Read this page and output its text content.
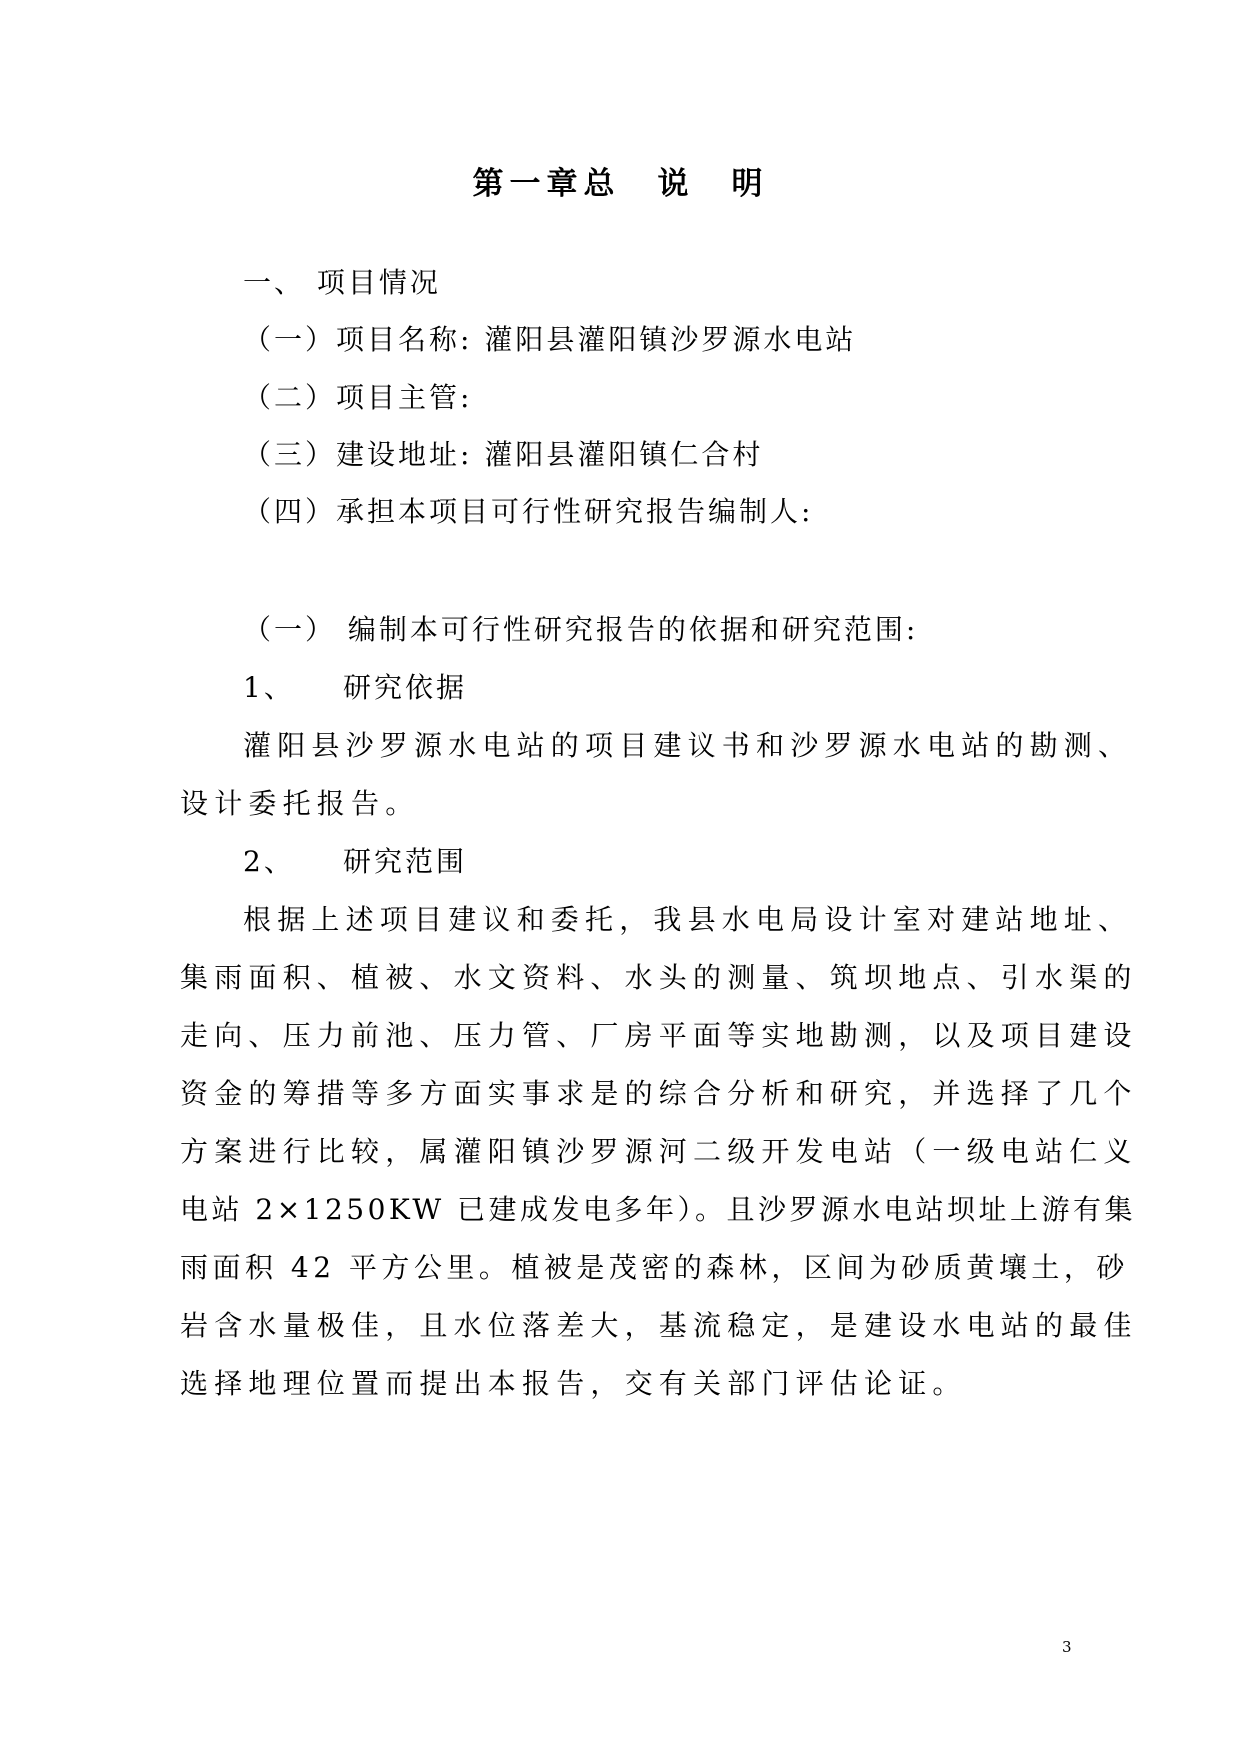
第一章总　说　明
一、 项目情况
（一）项目名称: 灌阳县灌阳镇沙罗源水电站
（二）项目主管:
（三）建设地址: 灌阳县灌阳镇仁合村
（四）承担本项目可行性研究报告编制人:
（一） 编制本可行性研究报告的依据和研究范围:
1、 研究依据
灌阳县沙罗源水电站的项目建议书和沙罗源水电站的勘测、
设计委托报告。
2、 研究范围
根据上述项目建议和委托，我县水电局设计室对建站地址、
集雨面积、植被、水文资料、水头的测量、筑坝地点、引水渠的
走向、压力前池、压力管、厂房平面等实地勘测，以及项目建设
资金的筹措等多方面实事求是的综合分析和研究，并选择了几个
方案进行比较，属灌阳镇沙罗源河二级开发电站（一级电站仁义
电站 2×1250KW 已建成发电多年）。且沙罗源水电站坝址上游有集
雨面积 42 平方公里。植被是茂密的森林，区间为砂质黄壤土，砂
岩含水量极佳，且水位落差大，基流稳定，是建设水电站的最佳
选择地理位置而提出本报告，交有关部门评估论证。
3
